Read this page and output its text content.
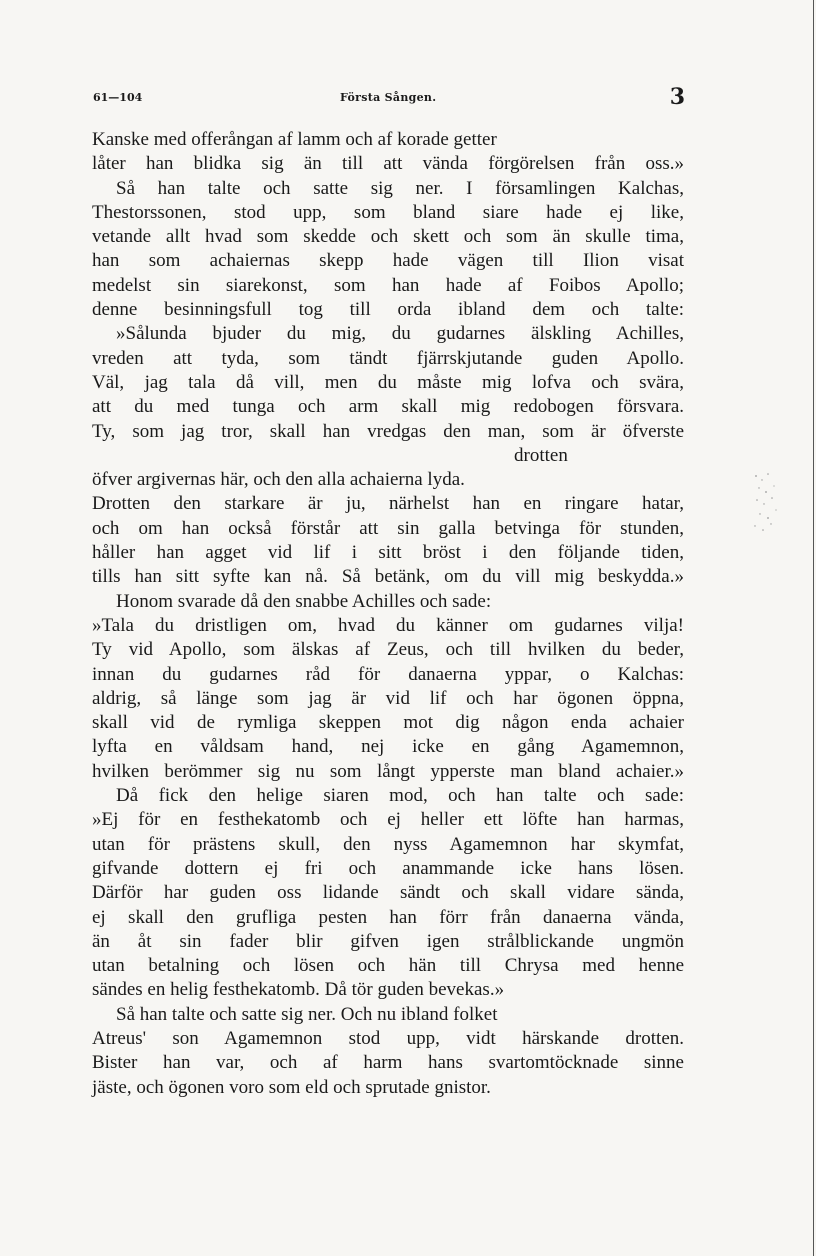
61—104	Första Sången.	3
Kanske med offerångan af lamm och af korade getter
låter han blidka sig än till att vända förgörelsen från oss.»
Så han talte och satte sig ner. I församlingen Kalchas,
Thestorssonen, stod upp, som bland siare hade ej like,
vetande allt hvad som skedde och skett och som än skulle tima,
han som achaiernas skepp hade vägen till Ilion visat
medelst sin siarekonst, som han hade af Foibos Apollo;
denne besinningsfull tog till orda ibland dem och talte:
»Sålunda bjuder du mig, du gudarnes älskling Achilles,
vreden att tyda, som tändt fjärrskjutande guden Apollo.
Väl, jag tala då vill, men du måste mig lofva och svära,
att du med tunga och arm skall mig redobogen försvara.
Ty, som jag tror, skall han vredgas den man, som är öfverste
drotten
öfver argivernas här, och den alla achaierna lyda.
Drotten den starkare är ju, närhelst han en ringare hatar,
och om han också förstår att sin galla betvinga för stunden,
håller han agget vid lif i sitt bröst i den följande tiden,
tills han sitt syfte kan nå. Så betänk, om du vill mig beskydda.»
Honom svarade då den snabbe Achilles och sade:
»Tala du dristligen om, hvad du känner om gudarnes vilja!
Ty vid Apollo, som älskas af Zeus, och till hvilken du beder,
innan du gudarnes råd för danaerna yppar, o Kalchas:
aldrig, så länge som jag är vid lif och har ögonen öppna,
skall vid de rymliga skeppen mot dig någon enda achaier
lyfta en våldsam hand, nej icke en gång Agamemnon,
hvilken berömmer sig nu som långt ypperste man bland achaier.»
Då fick den helige siaren mod, och han talte och sade:
»Ej för en festhekatomb och ej heller ett löfte han harmas,
utan för prästens skull, den nyss Agamemnon har skymfat,
gifvande dottern ej fri och anammande icke hans lösen.
Därför har guden oss lidande sändt och skall vidare sända,
ej skall den grufliga pesten han förr från danaerna vända,
än åt sin fader blir gifven igen strålblickande ungmön
utan betalning och lösen och hän till Chrysa med henne
sändes en helig festhekatomb. Då tör guden bevekas.»
Så han talte och satte sig ner. Och nu ibland folket
Atreus' son Agamemnon stod upp, vidt härskande drotten.
Bister han var, och af harm hans svartomtöcknade sinne
jäste, och ögonen voro som eld och sprutade gnistor.
